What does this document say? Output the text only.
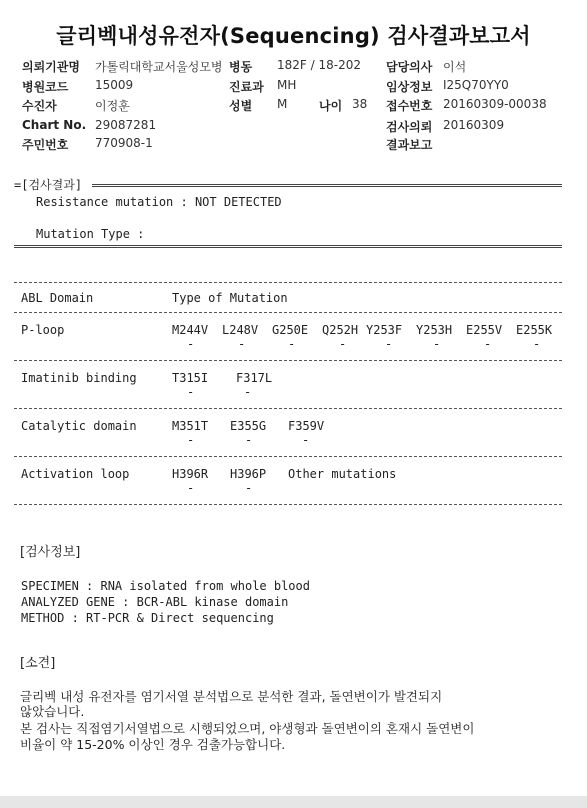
글리벡내성유전자(Sequencing) 검사결과보고서
의뢰기관명 가톨릭대학교서울성모병
병원코드 15009
수진자	이정훈
Chart No. 29087281
주민번호 770908-1
병동 182F / 18-202
진료과 MH
성별 M	나이 38
담당의사 이석
임상정보 I25Q70YY0
접수번호 20160309-00038
검사의뢰 20160309
결과보고
=[검사결과]
Resistance mutation : NOT DETECTED
Mutation Type :
ABL Domain	Type of Mutation
P-loop	M244V L248V G250E Q252H Y253F Y253H E255V E255K
-	-	-	-	-	-	-	-
Imatinib binding	T315I F317L
-	-
Catalytic domain	M351T E355G F359V
-	-	-
Activation loop	H396R H396P Other mutations
-	-
[검사정보]
SPECIMEN : RNA isolated from whole blood
ANALYZED GENE : BCR-ABL kinase domain
METHOD : RT-PCR & Direct sequencing
[소견]
글리벡 내성 유전자를 염기서열 분석법으로 분석한 결과, 돌연변이가 발견되지
않았습니다.
본 검사는 직접염기서열법으로 시행되었으며, 야생형과 돌연변이의 혼재시 돌연변이
비율이 약 15-20% 이상인 경우 검출가능합니다.
